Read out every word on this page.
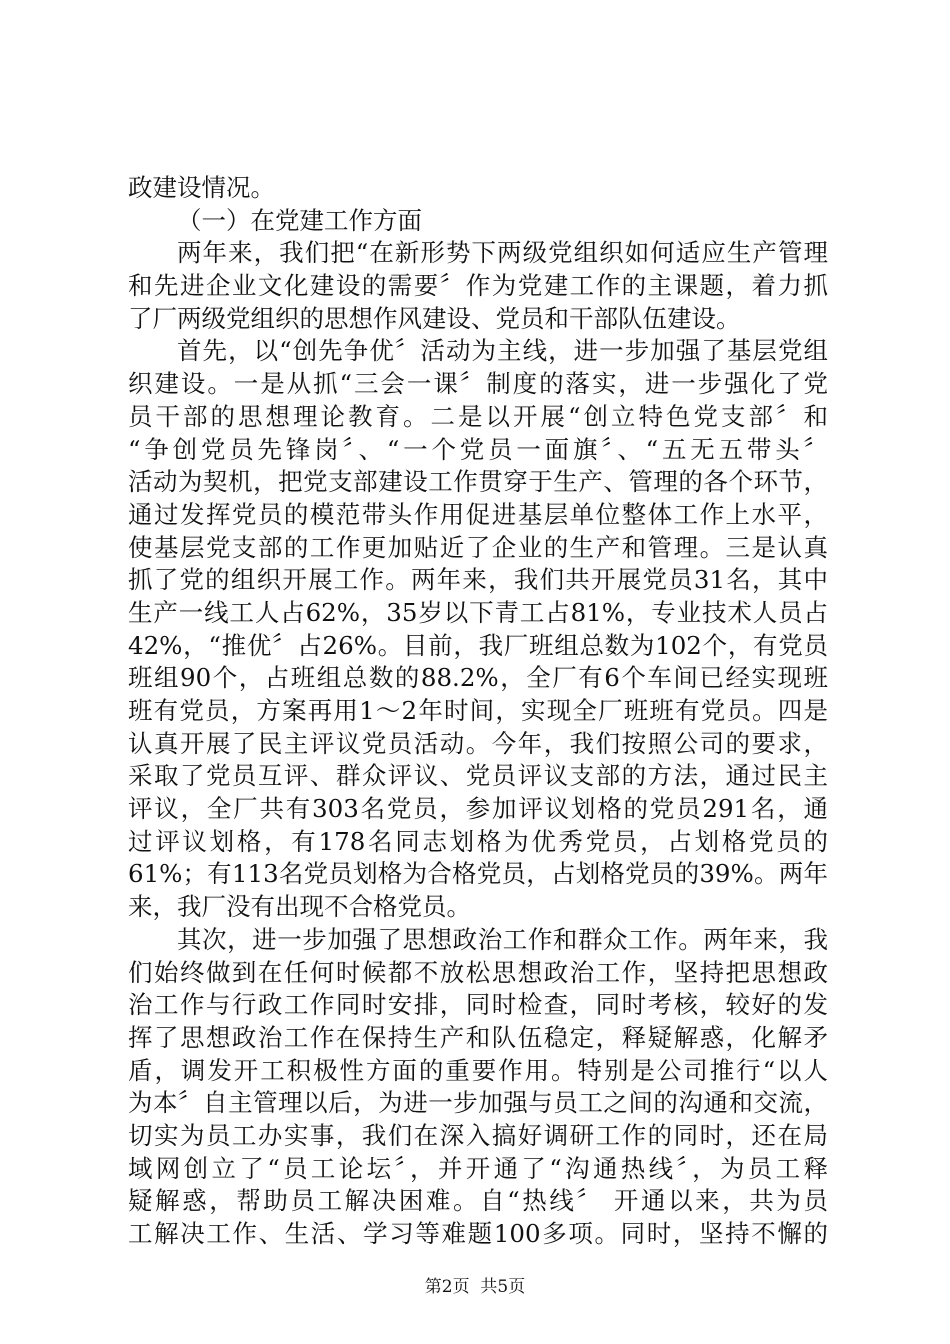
政建设情况。
（一）在党建工作方面
两年来，我们把“在新形势下两级党组织如何适应生产管理
和先进企业文化建设的需要〞作为党建工作的主课题，着力抓
了厂两级党组织的思想作风建设、党员和干部队伍建设。
首先，以“创先争优〞活动为主线，进一步加强了基层党组
织建设。一是从抓“三会一课〞制度的落实，进一步强化了党
员干部的思想理论教育。二是以开展“创立特色党支部〞和
“争创党员先锋岗〞、“一个党员一面旗〞、“五无五带头〞
活动为契机，把党支部建设工作贯穿于生产、管理的各个环节，
通过发挥党员的模范带头作用促进基层单位整体工作上水平，
使基层党支部的工作更加贴近了企业的生产和管理。三是认真
抓了党的组织开展工作。两年来，我们共开展党员31名，其中
生产一线工人占62%，35岁以下青工占81%，专业技术人员占
42%，“推优〞占26%。目前，我厂班组总数为102个，有党员
班组90个，占班组总数的88.2%，全厂有6个车间已经实现班
班有党员，方案再用1～2年时间，实现全厂班班有党员。四是
认真开展了民主评议党员活动。今年，我们按照公司的要求，
采取了党员互评、群众评议、党员评议支部的方法，通过民主
评议，全厂共有303名党员，参加评议划格的党员291名，通
过评议划格，有178名同志划格为优秀党员，占划格党员的
61%；有113名党员划格为合格党员，占划格党员的39%。两年
来，我厂没有出现不合格党员。
其次，进一步加强了思想政治工作和群众工作。两年来，我
们始终做到在任何时候都不放松思想政治工作，坚持把思想政
治工作与行政工作同时安排，同时检查，同时考核，较好的发
挥了思想政治工作在保持生产和队伍稳定，释疑解惑，化解矛
盾，调发开工积极性方面的重要作用。特别是公司推行“以人
为本〞自主管理以后，为进一步加强与员工之间的沟通和交流，
切实为员工办实事，我们在深入搞好调研工作的同时，还在局
域网创立了“员工论坛〞，并开通了“沟通热线〞，为员工释
疑解惑，帮助员工解决困难。自“热线〞 开通以来，共为员
工解决工作、生活、学习等难题100多项。同时，坚持不懈的
第2页  共5页
